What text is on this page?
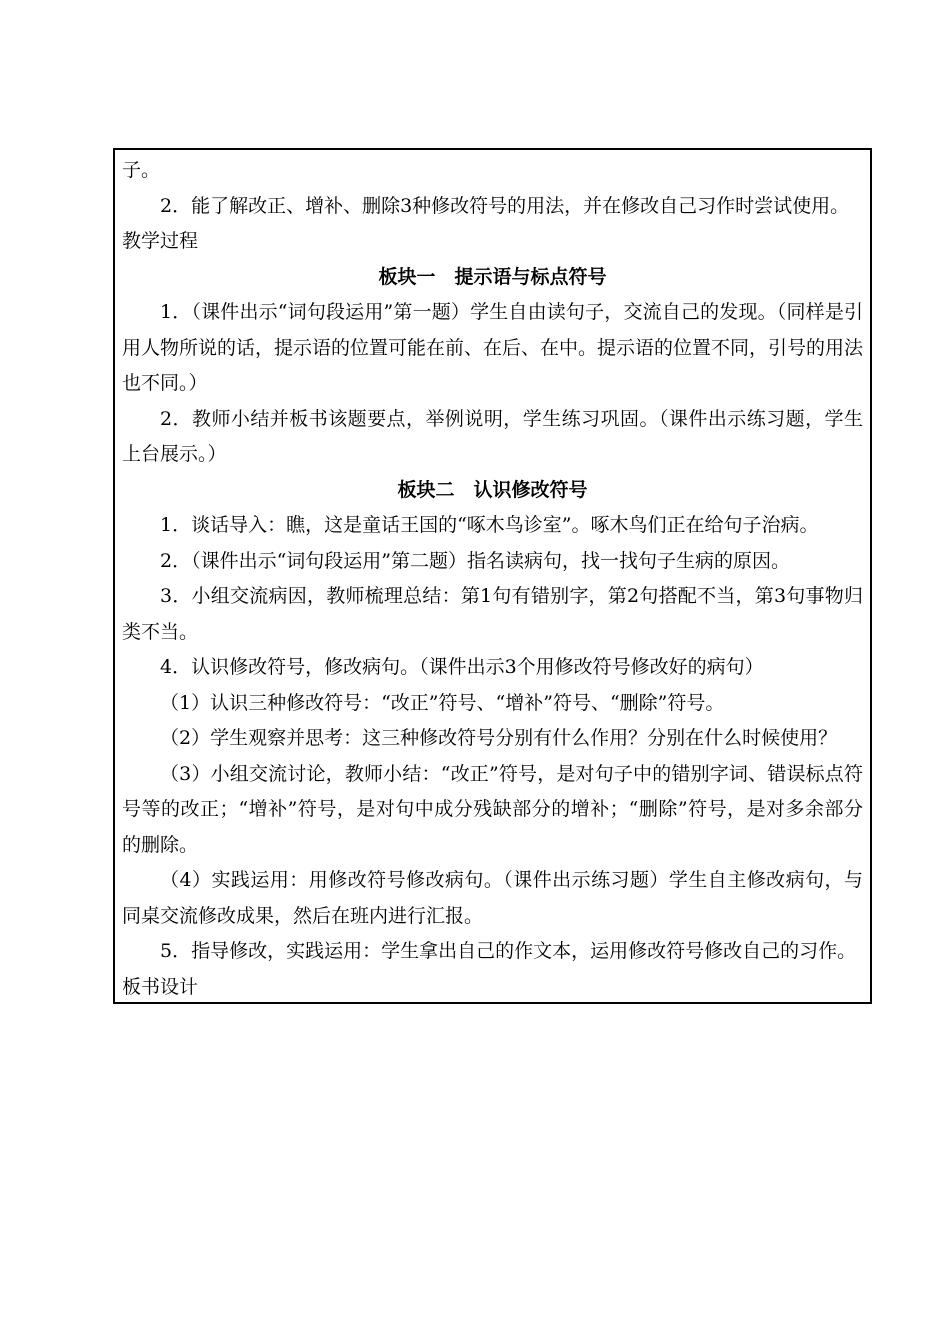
子。
2．能了解改正、增补、删除3种修改符号的用法，并在修改自己习作时尝试使用。
教学过程
板块一　提示语与标点符号
1．（课件出示“词句段运用”第一题）学生自由读句子，交流自己的发现。（同样是引用人物所说的话，提示语的位置可能在前、在后、在中。提示语的位置不同，引号的用法也不同。）
2．教师小结并板书该题要点，举例说明，学生练习巩固。（课件出示练习题，学生上台展示。）
板块二　认识修改符号
1．谈话导入：瞧，这是童话王国的“啄木鸟诊室”。啄木鸟们正在给句子治病。
2．（课件出示“词句段运用”第二题）指名读病句，找一找句子生病的原因。
3．小组交流病因，教师梳理总结：第1句有错别字，第2句搭配不当，第3句事物归类不当。
4．认识修改符号，修改病句。（课件出示3个用修改符号修改好的病句）
（1）认识三种修改符号：“改正”符号、“增补”符号、“删除”符号。
（2）学生观察并思考：这三种修改符号分别有什么作用？分别在什么时候使用？
（3）小组交流讨论，教师小结：“改正”符号，是对句子中的错别字词、错误标点符号等的改正；“增补”符号，是对句中成分残缺部分的增补；“删除”符号，是对多余部分的删除。
（4）实践运用：用修改符号修改病句。（课件出示练习题）学生自主修改病句，与同桌交流修改成果，然后在班内进行汇报。
5．指导修改，实践运用：学生拿出自己的作文本，运用修改符号修改自己的习作。
板书设计
